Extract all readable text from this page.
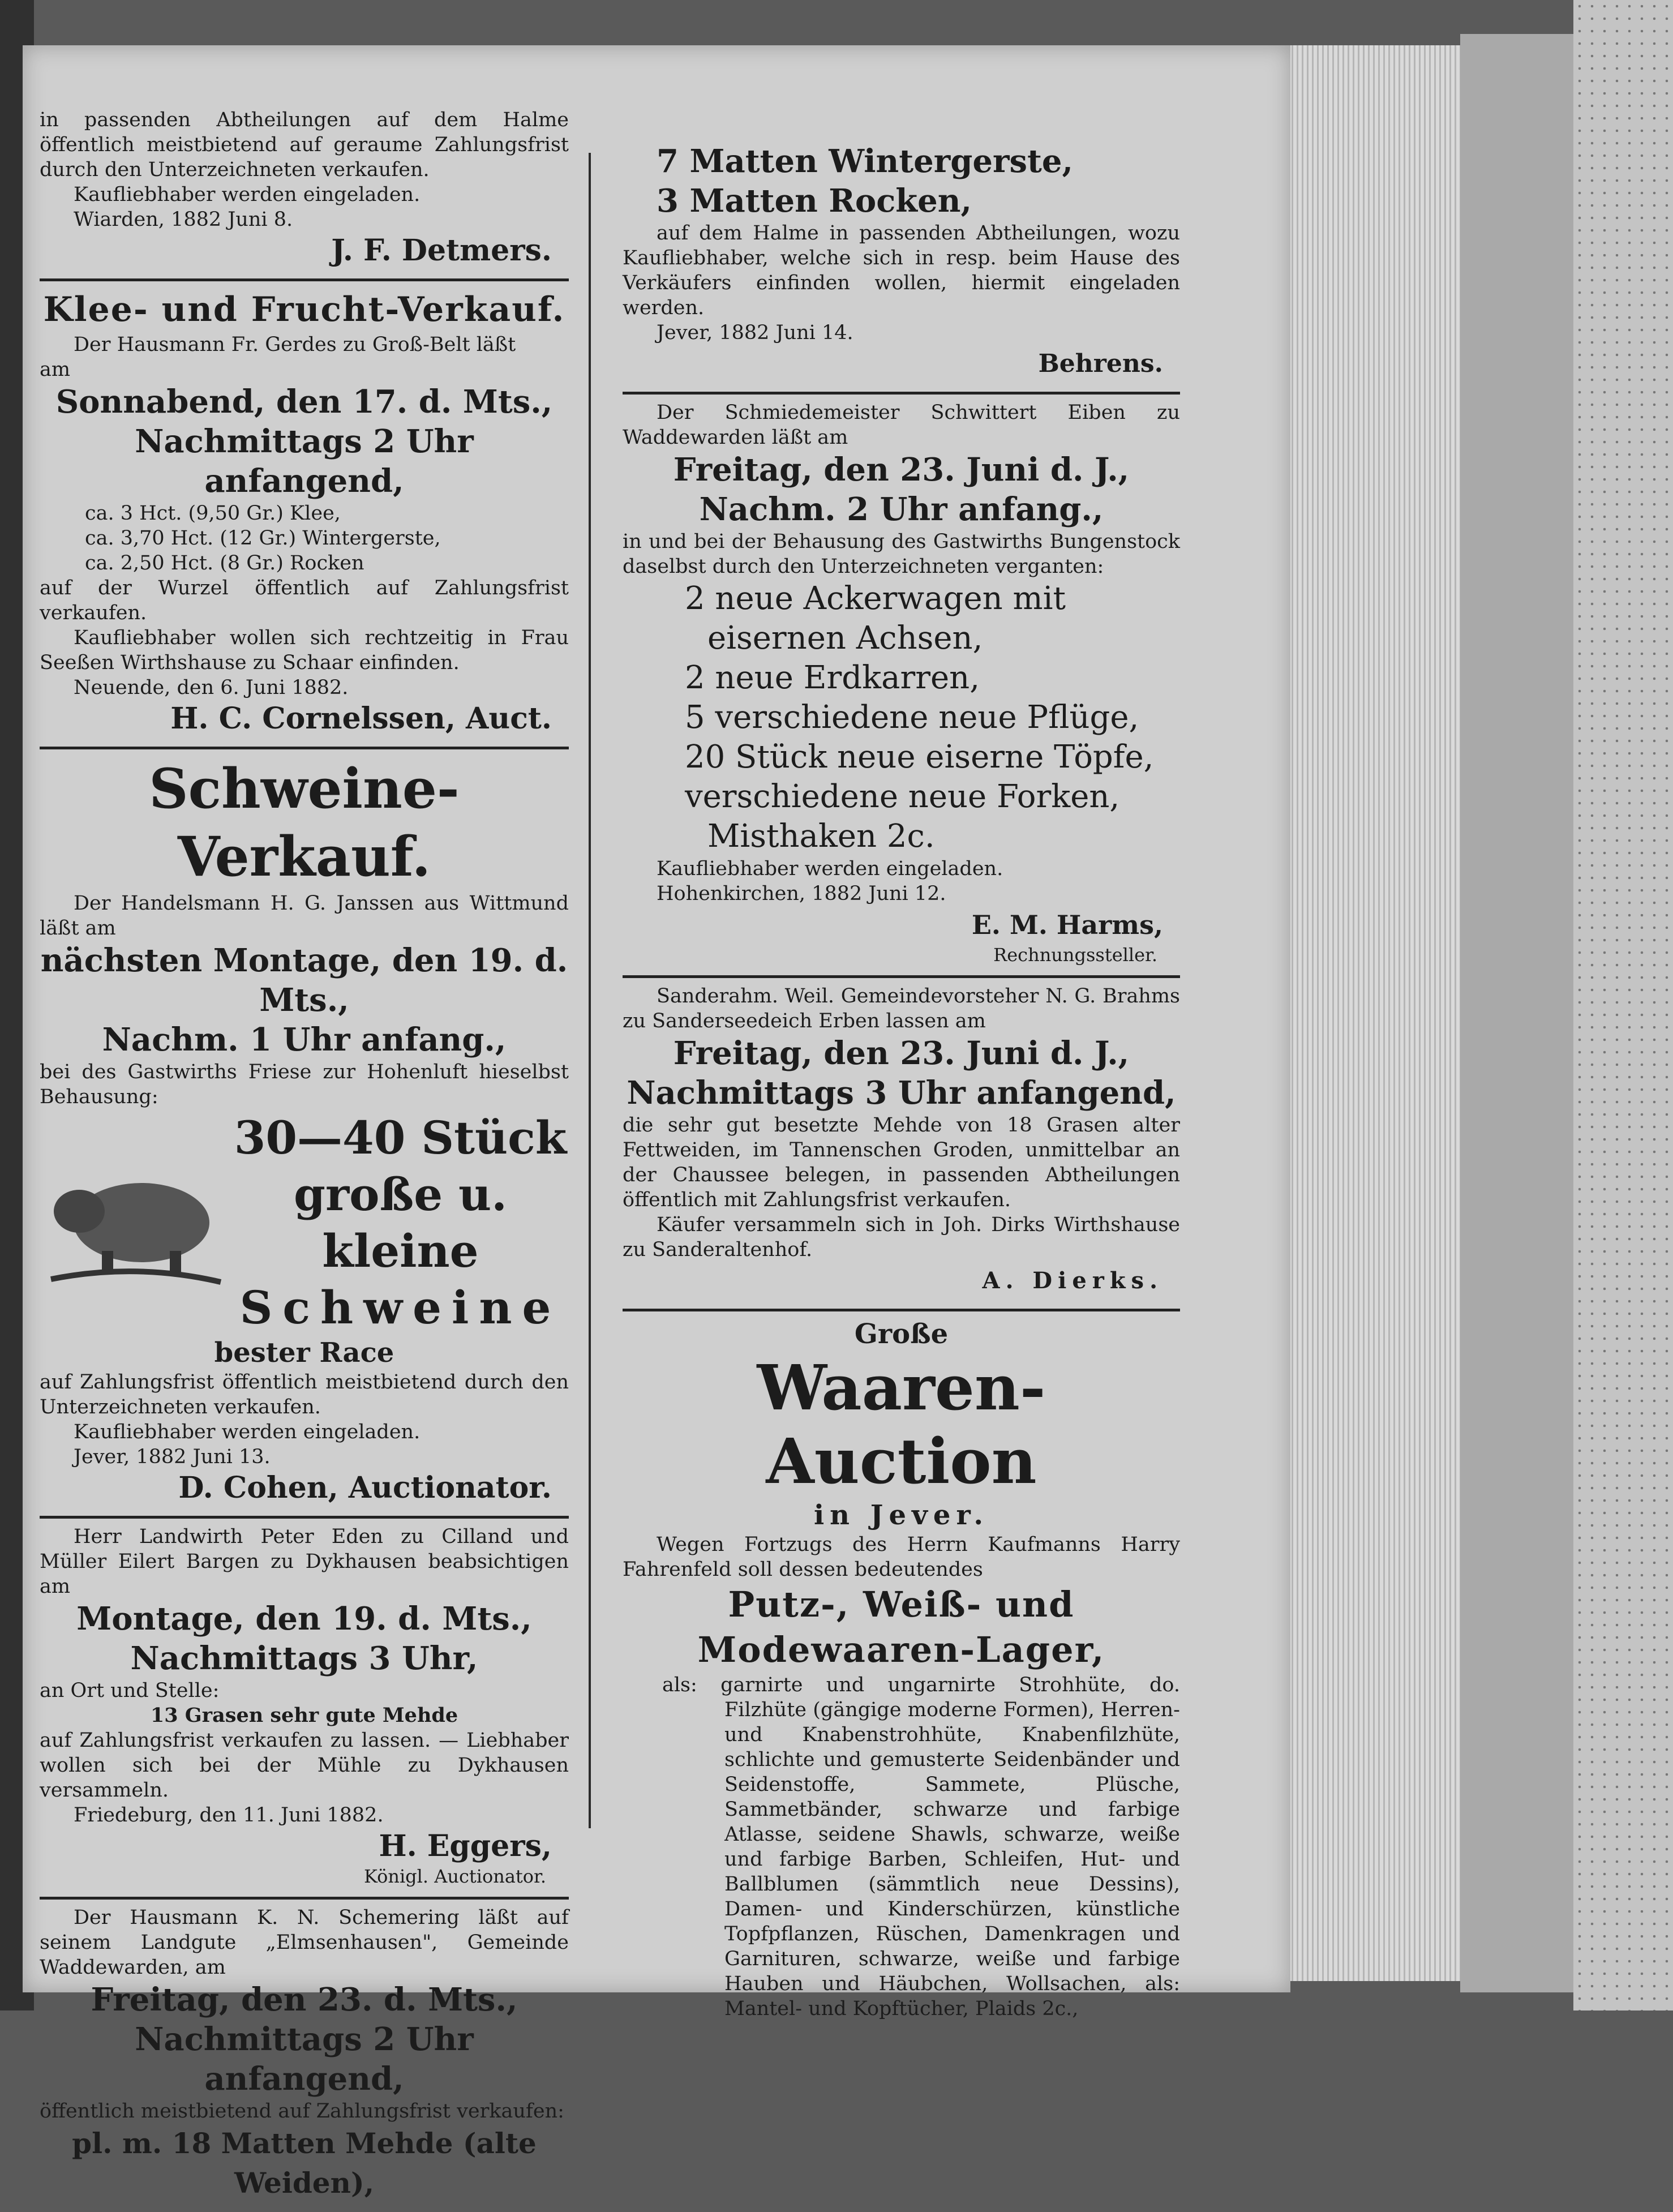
in passenden Abtheilungen auf dem Halme öffentlich meistbietend auf geraume Zahlungsfrist durch den Unterzeichneten verkaufen.

Kaufliebhaber werden eingeladen.

Wiarden, 1882 Juni 8.

J. F. Detmers.

Klee- und Frucht-Verkauf.

Der Hausmann Fr. Gerdes zu Groß-Belt läßt

am

Sonnabend, den 17. d. Mts.,

Nachmittags 2 Uhr anfangend,

ca. 3 Hct. (9,50 Gr.) Klee,

ca. 3,70 Hct. (12 Gr.) Wintergerste,

ca. 2,50 Hct. (8 Gr.) Rocken

auf der Wurzel öffentlich auf Zahlungsfrist verkaufen.

Kaufliebhaber wollen sich rechtzeitig in Frau Seeßen Wirthshause zu Schaar einfinden.

Neuende, den 6. Juni 1882.

H. C. Cornelssen, Auct.

Schweine-Verkauf.

Der Handelsmann H. G. Janssen aus Wittmund läßt am

nächsten Montage, den 19. d. Mts.,

Nachm. 1 Uhr anfang.,

bei des Gastwirths Friese zur Hohenluft hieselbst Behausung:

30—40 Stück

große u. kleine

Schweine

bester Race

auf Zahlungsfrist öffentlich meistbietend durch den Unterzeichneten verkaufen.

Kaufliebhaber werden eingeladen.

Jever, 1882 Juni 13.

D. Cohen, Auctionator.

Herr Landwirth Peter Eden zu Cilland und Müller Eilert Bargen zu Dykhausen beabsichtigen am

Montage, den 19. d. Mts.,

Nachmittags 3 Uhr,

an Ort und Stelle:

13 Grasen sehr gute Mehde

auf Zahlungsfrist verkaufen zu lassen. — Liebhaber wollen sich bei der Mühle zu Dykhausen versammeln.

Friedeburg, den 11. Juni 1882.

H. Eggers,

Königl. Auctionator.

Der Hausmann K. N. Schemering läßt auf seinem Landgute „Elmsenhausen", Gemeinde Waddewarden, am

Freitag, den 23. d. Mts.,

Nachmittags 2 Uhr anfangend,

öffentlich meistbietend auf Zahlungsfrist verkaufen:

pl. m. 18 Matten Mehde (alte Weiden),

7 Matten Wintergerste,

3 Matten Rocken,

auf dem Halme in passenden Abtheilungen, wozu Kaufliebhaber, welche sich in resp. beim Hause des Verkäufers einfinden wollen, hiermit eingeladen werden.

Jever, 1882 Juni 14.

Behrens.

Der Schmiedemeister Schwittert Eiben zu Waddewarden läßt am

Freitag, den 23. Juni d. J.,

Nachm. 2 Uhr anfang.,

in und bei der Behausung des Gastwirths Bungenstock daselbst durch den Unterzeichneten verganten:

2 neue Ackerwagen mit eisernen Achsen,

2 neue Erdkarren,

5 verschiedene neue Pflüge,

20 Stück neue eiserne Töpfe,

verschiedene neue Forken, Misthaken 2c.

Kaufliebhaber werden eingeladen.

Hohenkirchen, 1882 Juni 12.

E. M. Harms,

Rechnungssteller.

Sanderahm. Weil. Gemeindevorsteher N. G. Brahms zu Sanderseedeich Erben lassen am

Freitag, den 23. Juni d. J.,

Nachmittags 3 Uhr anfangend,

die sehr gut besetzte Mehde von 18 Grasen alter Fettweiden, im Tannenschen Groden, unmittelbar an der Chaussee belegen, in passenden Abtheilungen öffentlich mit Zahlungsfrist verkaufen.

Käufer versammeln sich in Joh. Dirks Wirthshause zu Sanderaltenhof.

A. Dierks.

Große

Waaren-Auction

in Jever.

Wegen Fortzugs des Herrn Kaufmanns Harry Fahrenfeld soll dessen bedeutendes

Putz-, Weiß- und Modewaaren-Lager,

als: garnirte und ungarnirte Strohhüte, do. Filzhüte (gängige moderne Formen), Herren- und Knabenstrohhüte, Knabenfilzhüte, schlichte und gemusterte Seidenbänder und Seidenstoffe, Sammete, Plüsche, Sammetbänder, schwarze und farbige Atlasse, seidene Shawls, schwarze, weiße und farbige Barben, Schleifen, Hut- und Ballblumen (sämmtlich neue Dessins), Damen- und Kinderschürzen, künstliche Topfpflanzen, Rüschen, Damenkragen und Garnituren, schwarze, weiße und farbige Hauben und Häubchen, Wollsachen, als: Mantel- und Kopftücher, Plaids 2c.,
